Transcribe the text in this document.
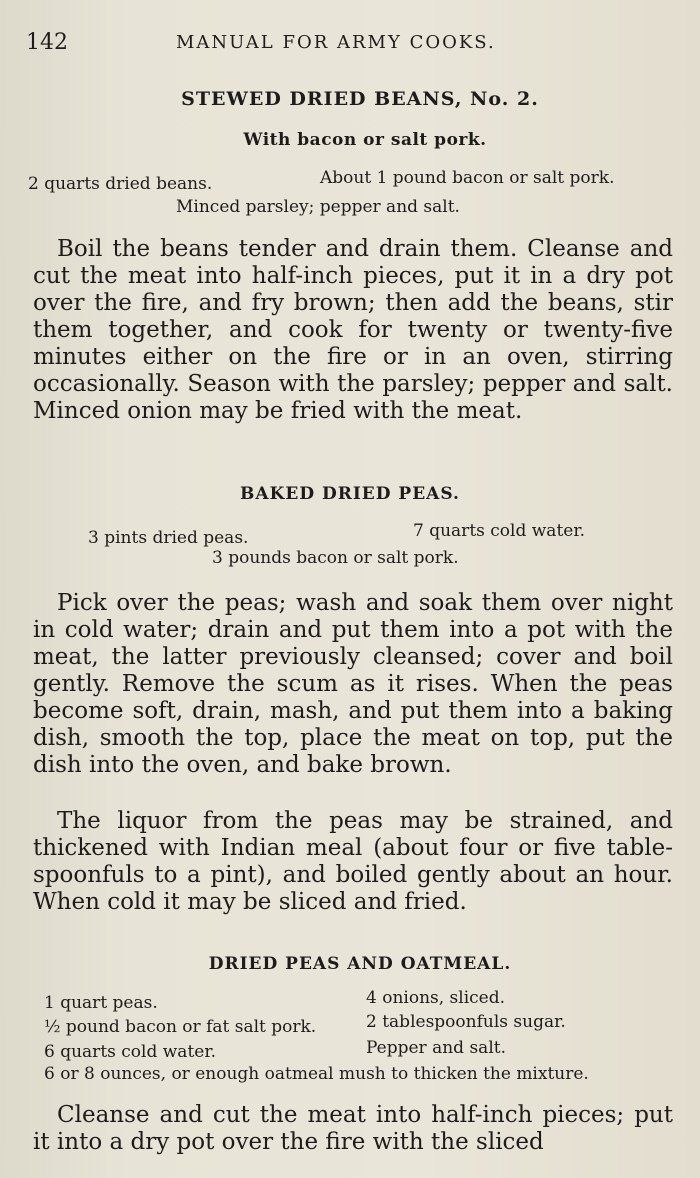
142	MANUAL FOR ARMY COOKS.
STEWED DRIED BEANS, No. 2.
With bacon or salt pork.
2 quarts dried beans.	About 1 pound bacon or salt pork.
Minced parsley; pepper and salt.

Boil the beans tender and drain them. Cleanse and cut the meat into half-inch pieces, put it in a dry pot over the fire, and fry brown; then add the beans, stir them together, and cook for twenty or twenty-five minutes either on the fire or in an oven, stirring occasionally. Season with the parsley; pepper and salt. Minced onion may be fried with the meat.

BAKED DRIED PEAS.
3 pints dried peas.	7 quarts cold water.
3 pounds bacon or salt pork.

Pick over the peas; wash and soak them over night in cold water; drain and put them into a pot with the meat, the latter previously cleansed; cover and boil gently. Remove the scum as it rises. When the peas become soft, drain, mash, and put them into a baking dish, smooth the top, place the meat on top, put the dish into the oven, and bake brown.

The liquor from the peas may be strained, and thickened with Indian meal (about four or five table-spoonfuls to a pint), and boiled gently about an hour. When cold it may be sliced and fried.

DRIED PEAS AND OATMEAL.
1 quart peas.	4 onions, sliced.
½ pound bacon or fat salt pork.	2 tablespoonfuls sugar.
6 quarts cold water.	Pepper and salt.
6 or 8 ounces, or enough oatmeal mush to thicken the mixture.

Cleanse and cut the meat into half-inch pieces; put it into a dry pot over the fire with the sliced
